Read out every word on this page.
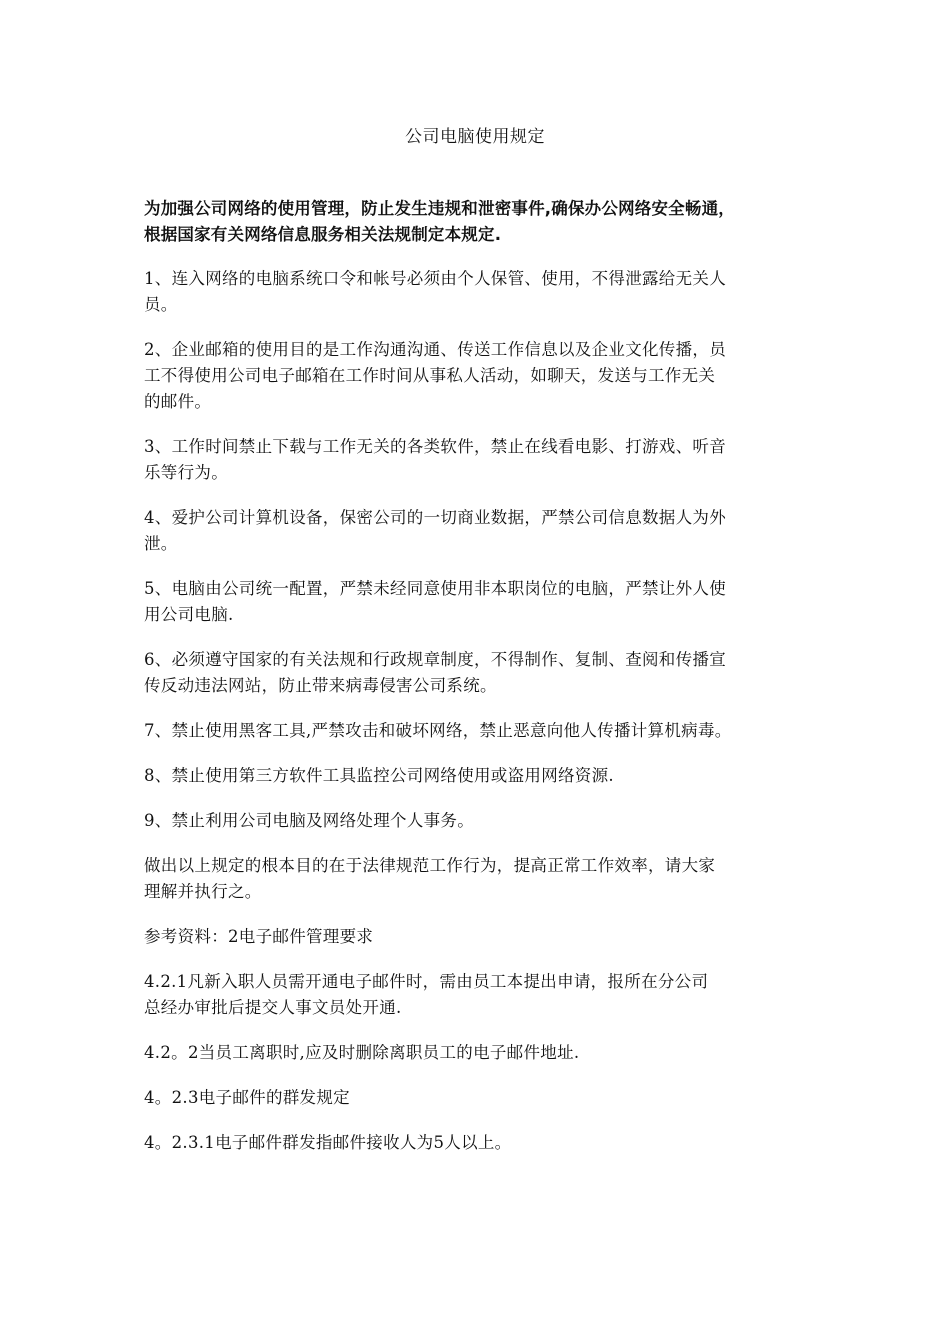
公司电脑使用规定
为加强公司网络的使用管理，防止发生违规和泄密事件,确保办公网络安全畅通，
根据国家有关网络信息服务相关法规制定本规定.
1、连入网络的电脑系统口令和帐号必须由个人保管、使用，不得泄露给无关人
员。
2、企业邮箱的使用目的是工作沟通沟通、传送工作信息以及企业文化传播，员
工不得使用公司电子邮箱在工作时间从事私人活动，如聊天，发送与工作无关
的邮件。
3、工作时间禁止下载与工作无关的各类软件，禁止在线看电影、打游戏、听音
乐等行为。
4、爱护公司计算机设备，保密公司的一切商业数据，严禁公司信息数据人为外
泄。
5、电脑由公司统一配置，严禁未经同意使用非本职岗位的电脑，严禁让外人使
用公司电脑.
6、必须遵守国家的有关法规和行政规章制度，不得制作、复制、查阅和传播宣
传反动违法网站，防止带来病毒侵害公司系统。
7、禁止使用黑客工具,严禁攻击和破坏网络，禁止恶意向他人传播计算机病毒。
8、禁止使用第三方软件工具监控公司网络使用或盗用网络资源.
9、禁止利用公司电脑及网络处理个人事务。
做出以上规定的根本目的在于法律规范工作行为，提高正常工作效率，请大家
理解并执行之。
参考资料：2电子邮件管理要求
4.2.1凡新入职人员需开通电子邮件时，需由员工本提出申请，报所在分公司
总经办审批后提交人事文员处开通.
4.2。2当员工离职时,应及时删除离职员工的电子邮件地址.
4。2.3电子邮件的群发规定
4。2.3.1电子邮件群发指邮件接收人为5人以上。
